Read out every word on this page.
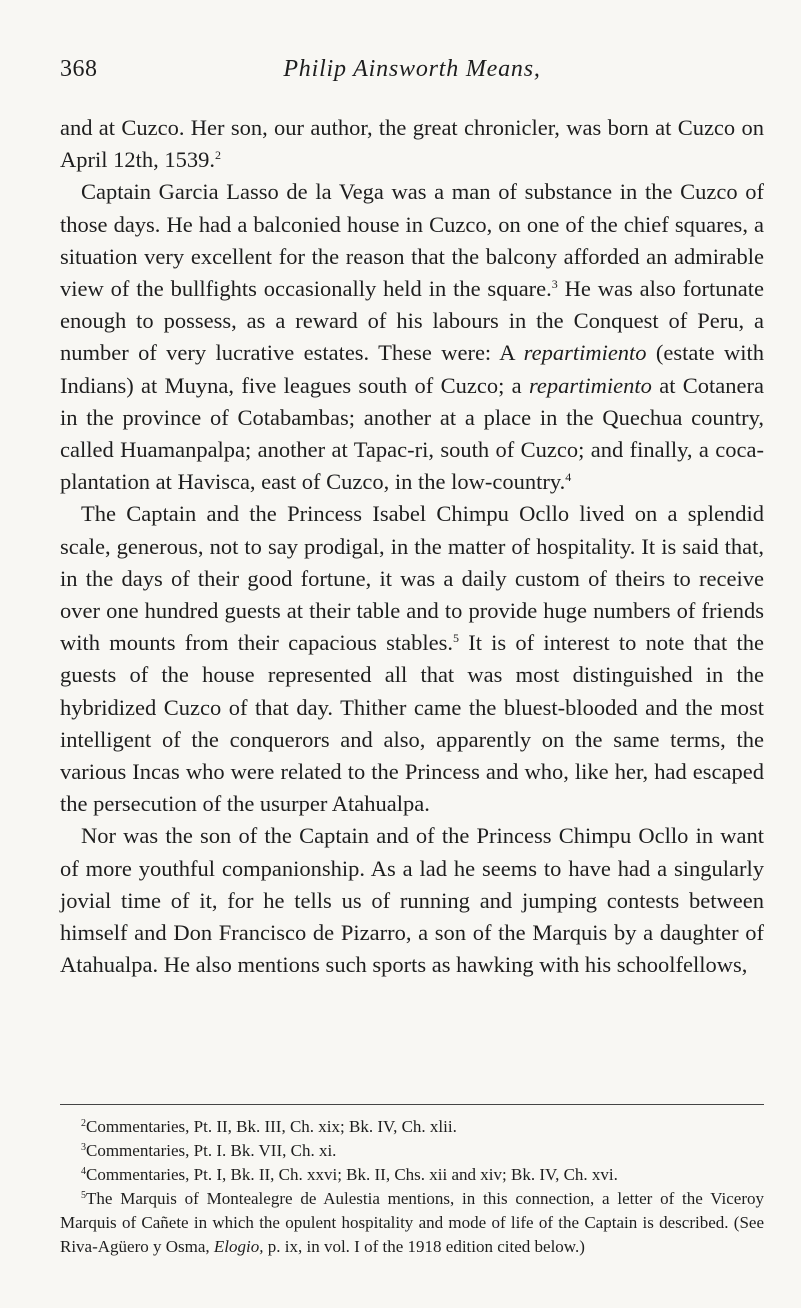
368	Philip Ainsworth Means,

and at Cuzco. Her son, our author, the great chronicler, was born at Cuzco on April 12th, 1539.$^2$

Captain Garcia Lasso de la Vega was a man of substance in the Cuzco of those days. He had a balconied house in Cuzco, on one of the chief squares, a situation very excellent for the reason that the balcony afforded an admirable view of the bullfights occasionally held in the square.$^3$ He was also fortunate enough to possess, as a reward of his labours in the Conquest of Peru, a number of very lucrative estates. These were: A repartimiento (estate with Indians) at Muyna, five leagues south of Cuzco; a repartimiento at Cotanera in the province of Cotabambas; another at a place in the Quechua country, called Huamanpalpa; another at Tapac-ri, south of Cuzco; and finally, a coca-plantation at Havisca, east of Cuzco, in the low-country.$^4$

The Captain and the Princess Isabel Chimpu Ocllo lived on a splendid scale, generous, not to say prodigal, in the matter of hospitality. It is said that, in the days of their good fortune, it was a daily custom of theirs to receive over one hundred guests at their table and to provide huge numbers of friends with mounts from their capacious stables.$^5$ It is of interest to note that the guests of the house represented all that was most distinguished in the hybridized Cuzco of that day. Thither came the bluest-blooded and the most intelligent of the conquerors and also, apparently on the same terms, the various Incas who were related to the Princess and who, like her, had escaped the persecution of the usurper Atahualpa.

Nor was the son of the Captain and of the Princess Chimpu Ocllo in want of more youthful companionship. As a lad he seems to have had a singularly jovial time of it, for he tells us of running and jumping contests between himself and Don Francisco de Pizarro, a son of the Marquis by a daughter of Atahualpa. He also mentions such sports as hawking with his schoolfellows,

$^2$Commentaries, Pt. II, Bk. III, Ch. xix; Bk. IV, Ch. xlii.

$^3$Commentaries, Pt. I. Bk. VII, Ch. xi.

$^4$Commentaries, Pt. I, Bk. II, Ch. xxvi; Bk. II, Chs. xii and xiv; Bk. IV, Ch. xvi.

$^5$The Marquis of Montealegre de Aulestia mentions, in this connection, a letter of the Viceroy Marquis of Cañete in which the opulent hospitality and mode of life of the Captain is described. (See Riva-Agüero y Osma, Elogio, p. ix, in vol. I of the 1918 edition cited below.)
